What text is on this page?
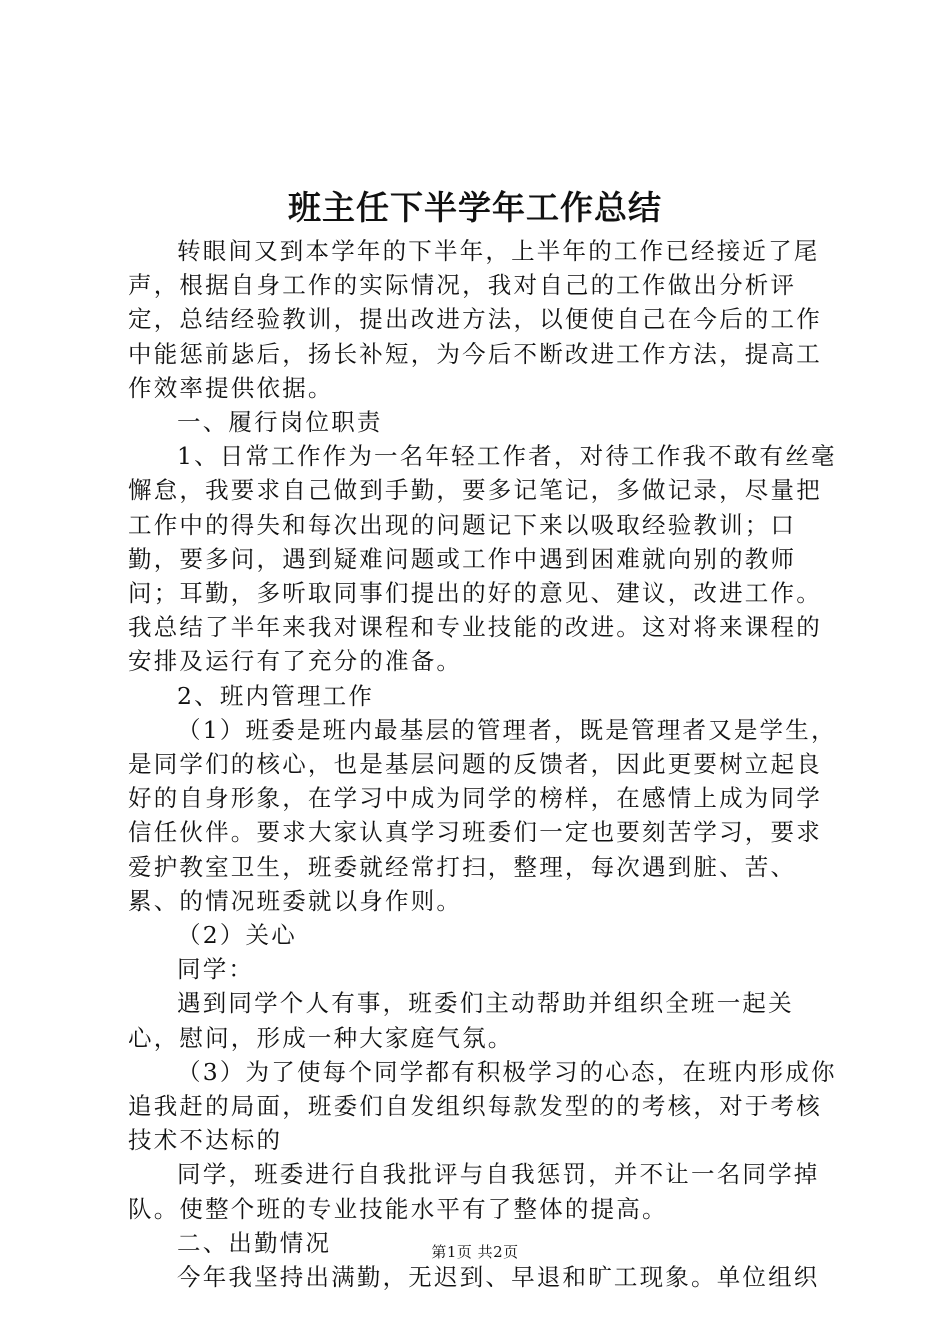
班主任下半学年工作总结

转眼间又到本学年的下半年，上半年的工作已经接近了尾声，根据自身工作的实际情况，我对自己的工作做出分析评定，总结经验教训，提出改进方法，以便使自己在今后的工作中能惩前毖后，扬长补短，为今后不断改进工作方法，提高工作效率提供依据。

一、履行岗位职责

1、日常工作作为一名年轻工作者，对待工作我不敢有丝毫懈怠，我要求自己做到手勤，要多记笔记，多做记录，尽量把工作中的得失和每次出现的问题记下来以吸取经验教训；口勤，要多问，遇到疑难问题或工作中遇到困难就向别的教师问；耳勤，多听取同事们提出的好的意见、建议，改进工作。我总结了半年来我对课程和专业技能的改进。这对将来课程的安排及运行有了充分的准备。

2、班内管理工作

（1）班委是班内最基层的管理者，既是管理者又是学生，是同学们的核心，也是基层问题的反馈者，因此更要树立起良好的自身形象，在学习中成为同学的榜样，在感情上成为同学信任伙伴。要求大家认真学习班委们一定也要刻苦学习，要求爱护教室卫生，班委就经常打扫，整理，每次遇到脏、苦、累、的情况班委就以身作则。

（2）关心

同学：

遇到同学个人有事，班委们主动帮助并组织全班一起关心，慰问，形成一种大家庭气氛。

（3）为了使每个同学都有积极学习的心态，在班内形成你追我赶的局面，班委们自发组织每款发型的的考核，对于考核技术不达标的

同学，班委进行自我批评与自我惩罚，并不让一名同学掉队。使整个班的专业技能水平有了整体的提高。

二、出勤情况

今年我坚持出满勤，无迟到、早退和旷工现象。单位组织

第1页 共2页
